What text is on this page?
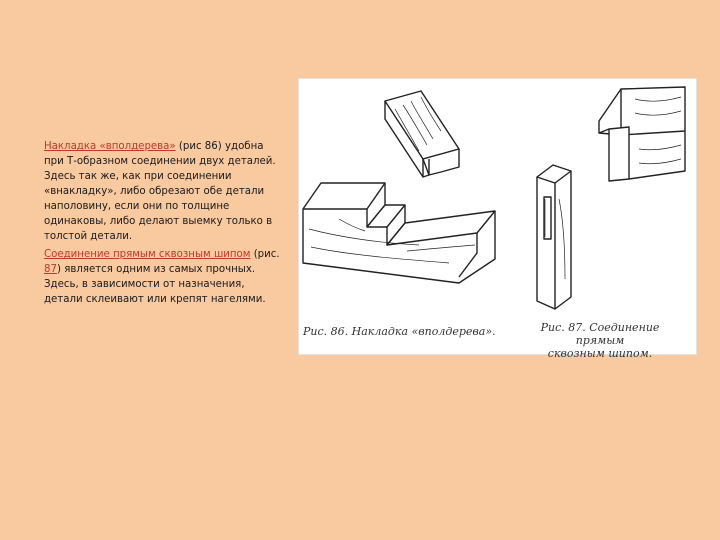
Накладка «вполдерева» (рис 86) удобна при Т-образном соединении двух деталей. Здесь так же, как при соединении «внакладку», либо обрезают обе детали наполовину, если они по толщине одинаковы, либо делают выемку только в толстой детали.

Соединение прямым сквозным шипом (рис. 87) является одним из самых прочных. Здесь, в зависимости от назначения, детали склеивают или крепят нагелями.

Рис. 86. Накладка «вполдерева».	Рис. 87. Соединение прямым
сквозным шипом.
